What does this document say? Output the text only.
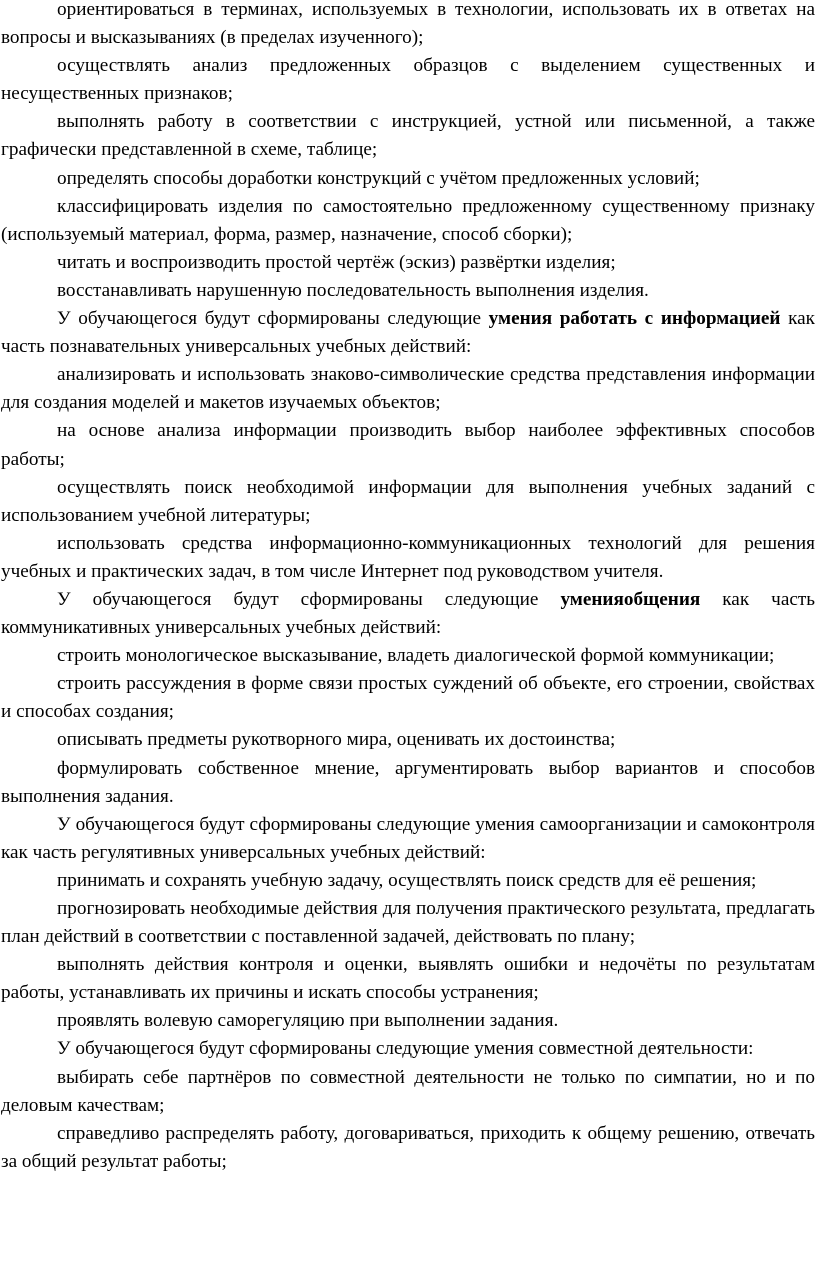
ориентироваться в терминах, используемых в технологии, использовать их в ответах на вопросы и высказываниях (в пределах изученного);

осуществлять анализ предложенных образцов с выделением существенных и несущественных признаков;

выполнять работу в соответствии с инструкцией, устной или письменной, а также графически представленной в схеме, таблице;

определять способы доработки конструкций с учётом предложенных условий;

классифицировать изделия по самостоятельно предложенному существенному признаку (используемый материал, форма, размер, назначение, способ сборки);

читать и воспроизводить простой чертёж (эскиз) развёртки изделия;

восстанавливать нарушенную последовательность выполнения изделия.

У обучающегося будут сформированы следующие умения работать с информацией как часть познавательных универсальных учебных действий:

анализировать и использовать знаково-символические средства представления информации для создания моделей и макетов изучаемых объектов;

на основе анализа информации производить выбор наиболее эффективных способов работы;

осуществлять поиск необходимой информации для выполнения учебных заданий с использованием учебной литературы;

использовать средства информационно-коммуникационных технологий для решения учебных и практических задач, в том числе Интернет под руководством учителя.

У обучающегося будут сформированы следующие уменияобщения как часть коммуникативных универсальных учебных действий:

строить монологическое высказывание, владеть диалогической формой коммуникации;

строить рассуждения в форме связи простых суждений об объекте, его строении, свойствах и способах создания;

описывать предметы рукотворного мира, оценивать их достоинства;

формулировать собственное мнение, аргументировать выбор вариантов и способов выполнения задания.

У обучающегося будут сформированы следующие умения самоорганизации и самоконтроля как часть регулятивных универсальных учебных действий:

принимать и сохранять учебную задачу, осуществлять поиск средств для её решения;

прогнозировать необходимые действия для получения практического результата, предлагать план действий в соответствии с поставленной задачей, действовать по плану;

выполнять действия контроля и оценки, выявлять ошибки и недочёты по результатам работы, устанавливать их причины и искать способы устранения;

проявлять волевую саморегуляцию при выполнении задания.

У обучающегося будут сформированы следующие умения совместной деятельности:

выбирать себе партнёров по совместной деятельности не только по симпатии, но и по деловым качествам;

справедливо распределять работу, договариваться, приходить к общему решению, отвечать за общий результат работы;
